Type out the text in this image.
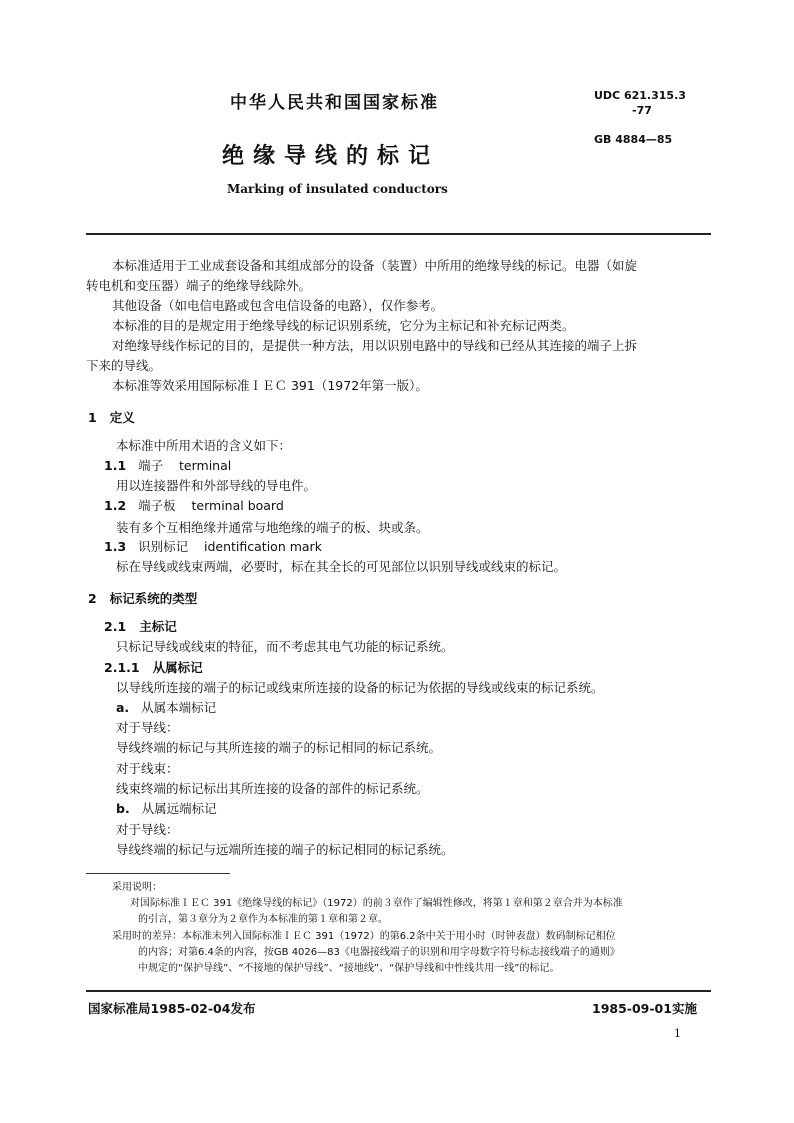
中华人民共和国国家标准	UDC 621.315.3
-77
GB 4884—85
绝缘导线的标记
Marking of insulated conductors
本标准适用于工业成套设备和其组成部分的设备（装置）中所用的绝缘导线的标记。电器（如旋
转电机和变压器）端子的绝缘导线除外。
其他设备（如电信电路或包含电信设备的电路），仅作参考。
本标准的目的是规定用于绝缘导线的标记识别系统，它分为主标记和补充标记两类。
对绝缘导线作标记的目的，是提供一种方法，用以识别电路中的导线和已经从其连接的端子上拆
下来的导线。
本标准等效采用国际标准ＩＥＣ 391（1972年第一版）。
1 定义
本标准中所用术语的含义如下：
1.1 端子 terminal
用以连接器件和外部导线的导电件。
1.2 端子板 terminal board
装有多个互相绝缘并通常与地绝缘的端子的板、块或条。
1.3 识别标记 identification mark
标在导线或线束两端，必要时，标在其全长的可见部位以识别导线或线束的标记。
2 标记系统的类型
2.1 主标记
只标记导线或线束的特征，而不考虑其电气功能的标记系统。
2.1.1 从属标记
以导线所连接的端子的标记或线束所连接的设备的标记为依据的导线或线束的标记系统。
a. 从属本端标记
对于导线：
导线终端的标记与其所连接的端子的标记相同的标记系统。
对于线束：
线束终端的标记标出其所连接的设备的部件的标记系统。
b. 从属远端标记
对于导线：
导线终端的标记与远端所连接的端子的标记相同的标记系统。
采用说明：
对国际标准ＩＥＣ 391《绝缘导线的标记》（1972）的前３章作了编辑性修改，将第１章和第２章合并为本标准
的引言，第３章分为２章作为本标准的第１章和第２章。
采用时的差异：本标准未列入国际标准ＩＥＣ 391（1972）的第6.2条中关于用小时（时钟表盘）数码制标记相位
的内容；对第6.4条的内容，按GB 4026—83《电器接线端子的识别和用字母数字符号标志接线端子的通则》
中规定的“保护导线”、“不接地的保护导线”、“接地线”、“保护导线和中性线共用一线”的标记。
国家标准局1985-02-04发布	1985-09-01实施
1
